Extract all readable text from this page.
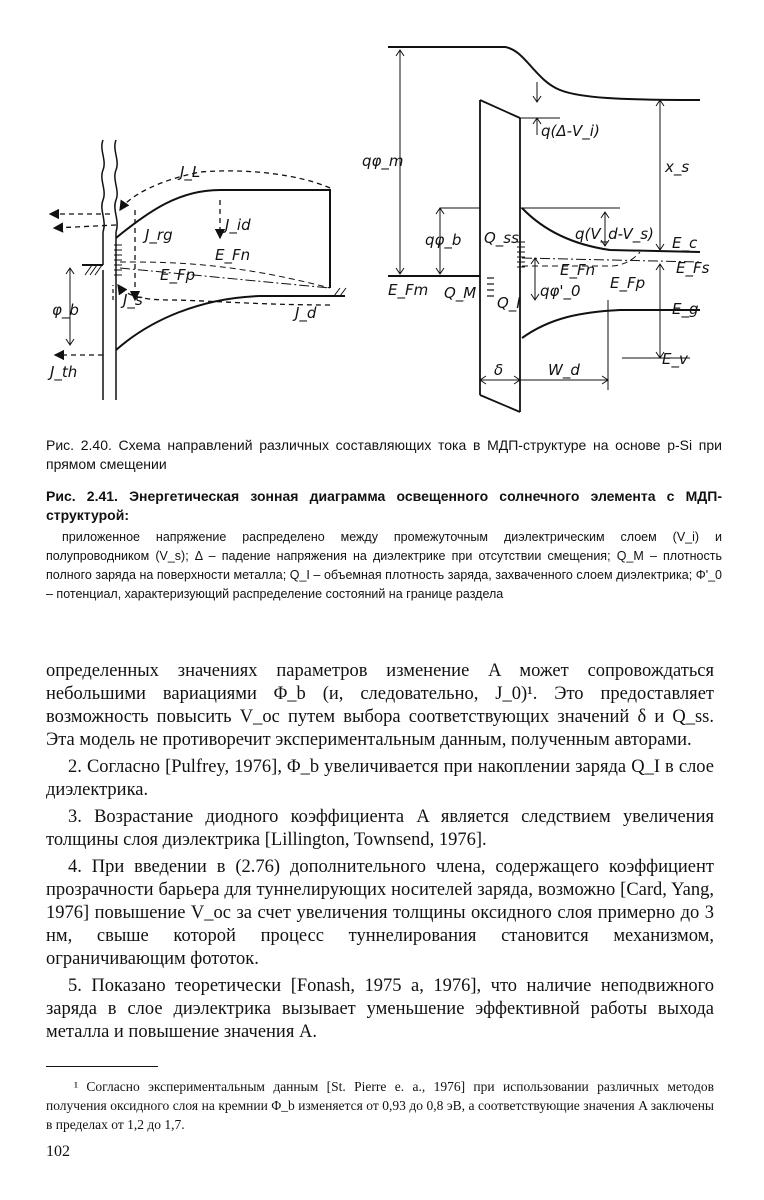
J_L
J_id
J_rg
E_Fn
E_Fp
φ_b
J_s
J_d
J_th
qφ_m
q(Δ-V_i)
x_s
qφ_b Q_ss	q(V_d-V_s) E_c
E_Fs
E_Fm Q_M
Q_I
E_Fn
E_Fp
qφ'_0
E_g
E_v
δ	W_d

Рис. 2.40. Схема направлений различных составляющих тока в МДП-структуре на основе p-Si при прямом смещении

Рис. 2.41. Энергетическая зонная диаграмма освещенного солнечного элемента с МДП-структурой:

приложенное напряжение распределено между промежуточным диэлектрическим слоем (V_i) и полупроводником (V_s); Δ – падение напряжения на диэлектрике при отсутствии смещения; Q_M – плотность полного заряда на поверхности металла; Q_I – объемная плотность заряда, захваченного слоем диэлектрика; Φ'_0 – потенциал, характеризующий распределение состояний на границе раздела

определенных значениях параметров изменение A может сопровождаться небольшими вариациями Φ_b (и, следовательно, J_0)¹. Это предоставляет возможность повысить V_oc путем выбора соответствующих значений δ и Q_ss. Эта модель не противоречит экспериментальным данным, полученным авторами.

2. Согласно [Pulfrey, 1976], Φ_b увеличивается при накоплении заряда Q_I в слое диэлектрика.

3. Возрастание диодного коэффициента A является следствием увеличения толщины слоя диэлектрика [Lillington, Townsend, 1976].

4. При введении в (2.76) дополнительного члена, содержащего коэффициент прозрачности барьера для туннелирующих носителей заряда, возможно [Card, Yang, 1976] повышение V_oc за счет увеличения толщины оксидного слоя примерно до 3 нм, свыше которой процесс туннелирования становится механизмом, ограничивающим фототок.

5. Показано теоретически [Fonash, 1975 a, 1976], что наличие неподвижного заряда в слое диэлектрика вызывает уменьшение эффективной работы выхода металла и повышение значения A.

¹ Согласно экспериментальным данным [St. Pierre e. a., 1976] при использовании различных методов получения оксидного слоя на кремнии Φ_b изменяется от 0,93 до 0,8 эВ, а соответствующие значения A заключены в пределах от 1,2 до 1,7.

102
